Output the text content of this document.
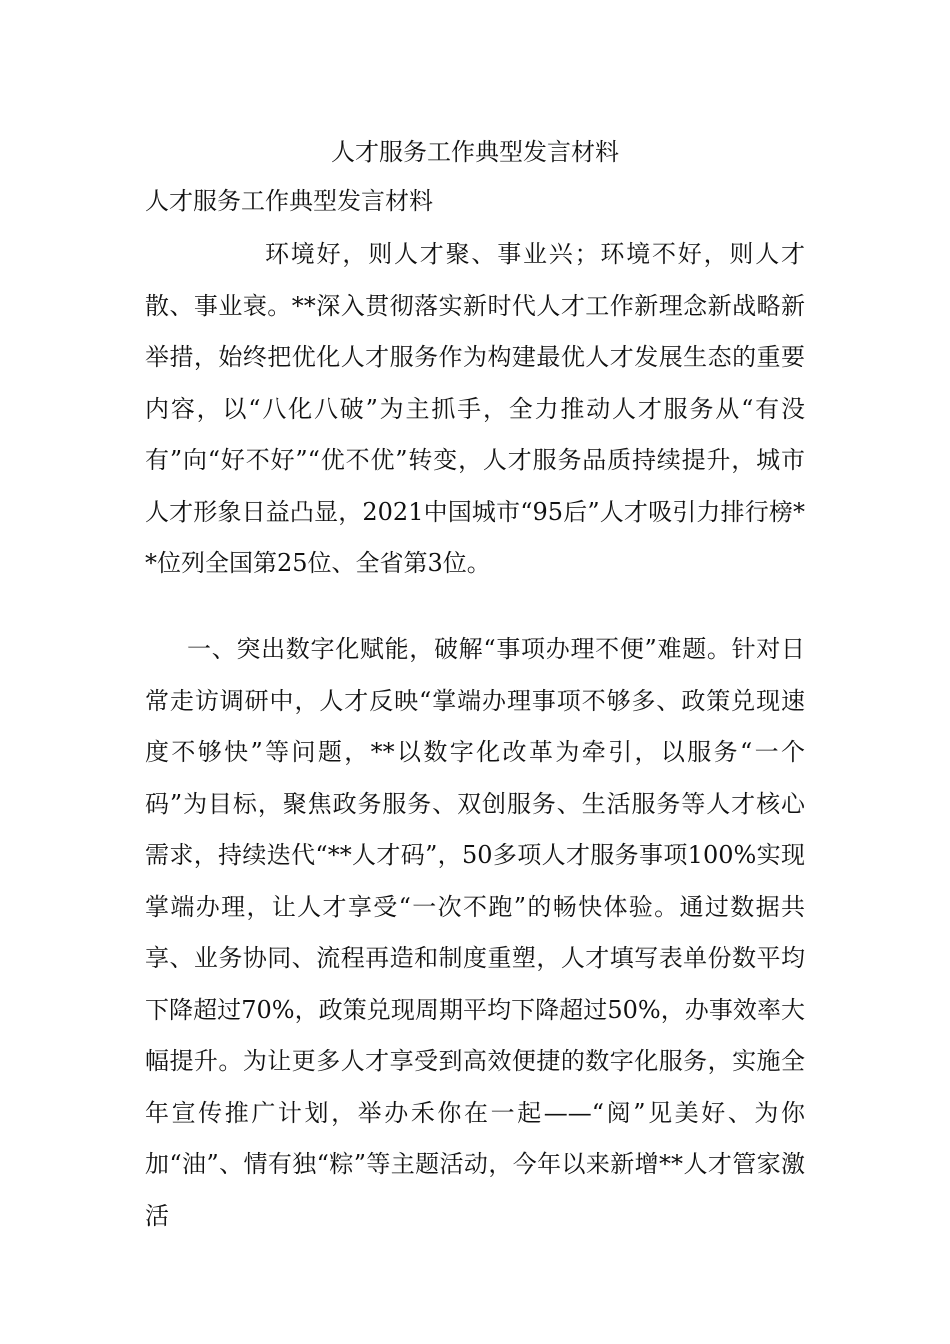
人才服务工作典型发言材料
人才服务工作典型发言材料

环境好，则人才聚、事业兴；环境不好，则人才散、事业衰。**深入贯彻落实新时代人才工作新理念新战略新举措，始终把优化人才服务作为构建最优人才发展生态的重要内容，以“八化八破”为主抓手，全力推动人才服务从“有没有”向“好不好”“优不优”转变，人才服务品质持续提升，城市人才形象日益凸显，2021中国城市“95后”人才吸引力排行榜**位列全国第25位、全省第3位。

一、突出数字化赋能，破解“事项办理不便”难题。针对日常走访调研中，人才反映“掌端办理事项不够多、政策兑现速度不够快”等问题，**以数字化改革为牵引，以服务“一个码”为目标，聚焦政务服务、双创服务、生活服务等人才核心需求，持续迭代“**人才码”，50多项人才服务事项100%实现掌端办理，让人才享受“一次不跑”的畅快体验。通过数据共享、业务协同、流程再造和制度重塑，人才填写表单份数平均下降超过70%，政策兑现周期平均下降超过50%，办事效率大幅提升。为让更多人才享受到高效便捷的数字化服务，实施全年宣传推广计划，举办禾你在一起——“阅”见美好、为你加“油”、情有独“粽”等主题活动，今年以来新增**人才管家激活
